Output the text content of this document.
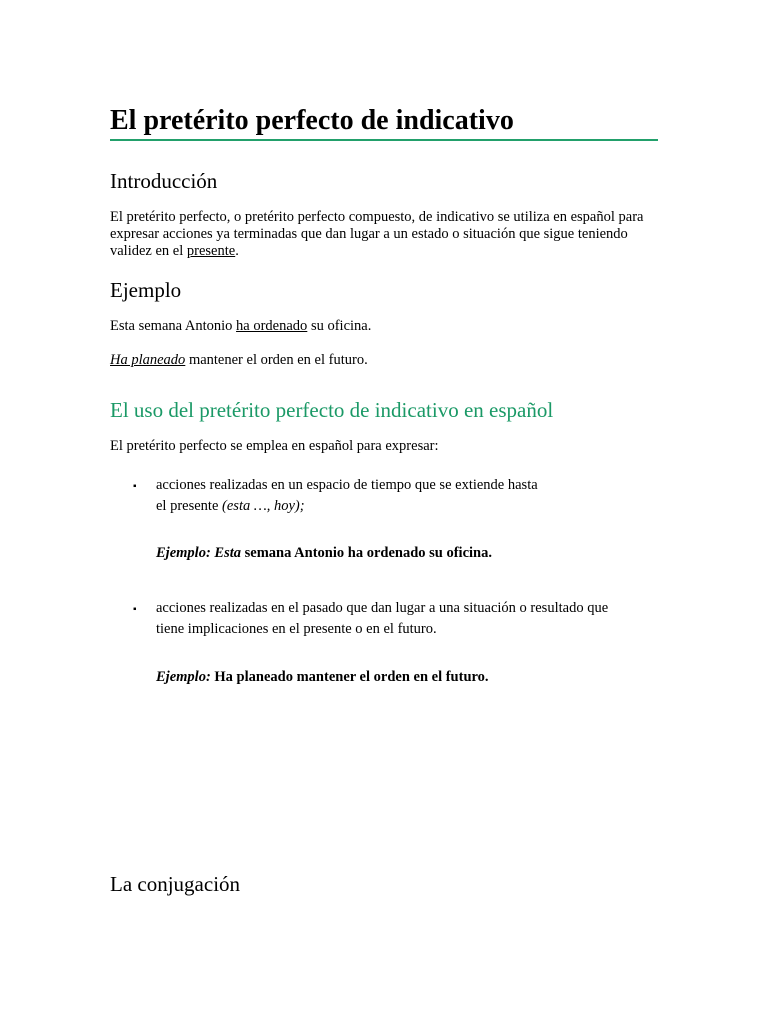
El pretérito perfecto de indicativo
Introducción

El pretérito perfecto, o pretérito perfecto compuesto, de indicativo se utiliza en español para expresar acciones ya terminadas que dan lugar a un estado o situación que sigue teniendo validez en el presente.

Ejemplo

Esta semana Antonio ha ordenado su oficina.

Ha planeado mantener el orden en el futuro.

El uso del pretérito perfecto de indicativo en español

El pretérito perfecto se emplea en español para expresar:

▪ acciones realizadas en un espacio de tiempo que se extiende hasta
el presente (esta …, hoy);

Ejemplo: Esta semana Antonio ha ordenado su oficina.

▪ acciones realizadas en el pasado que dan lugar a una situación o resultado que
tiene implicaciones en el presente o en el futuro.

Ejemplo: Ha planeado mantener el orden en el futuro.

La conjugación
